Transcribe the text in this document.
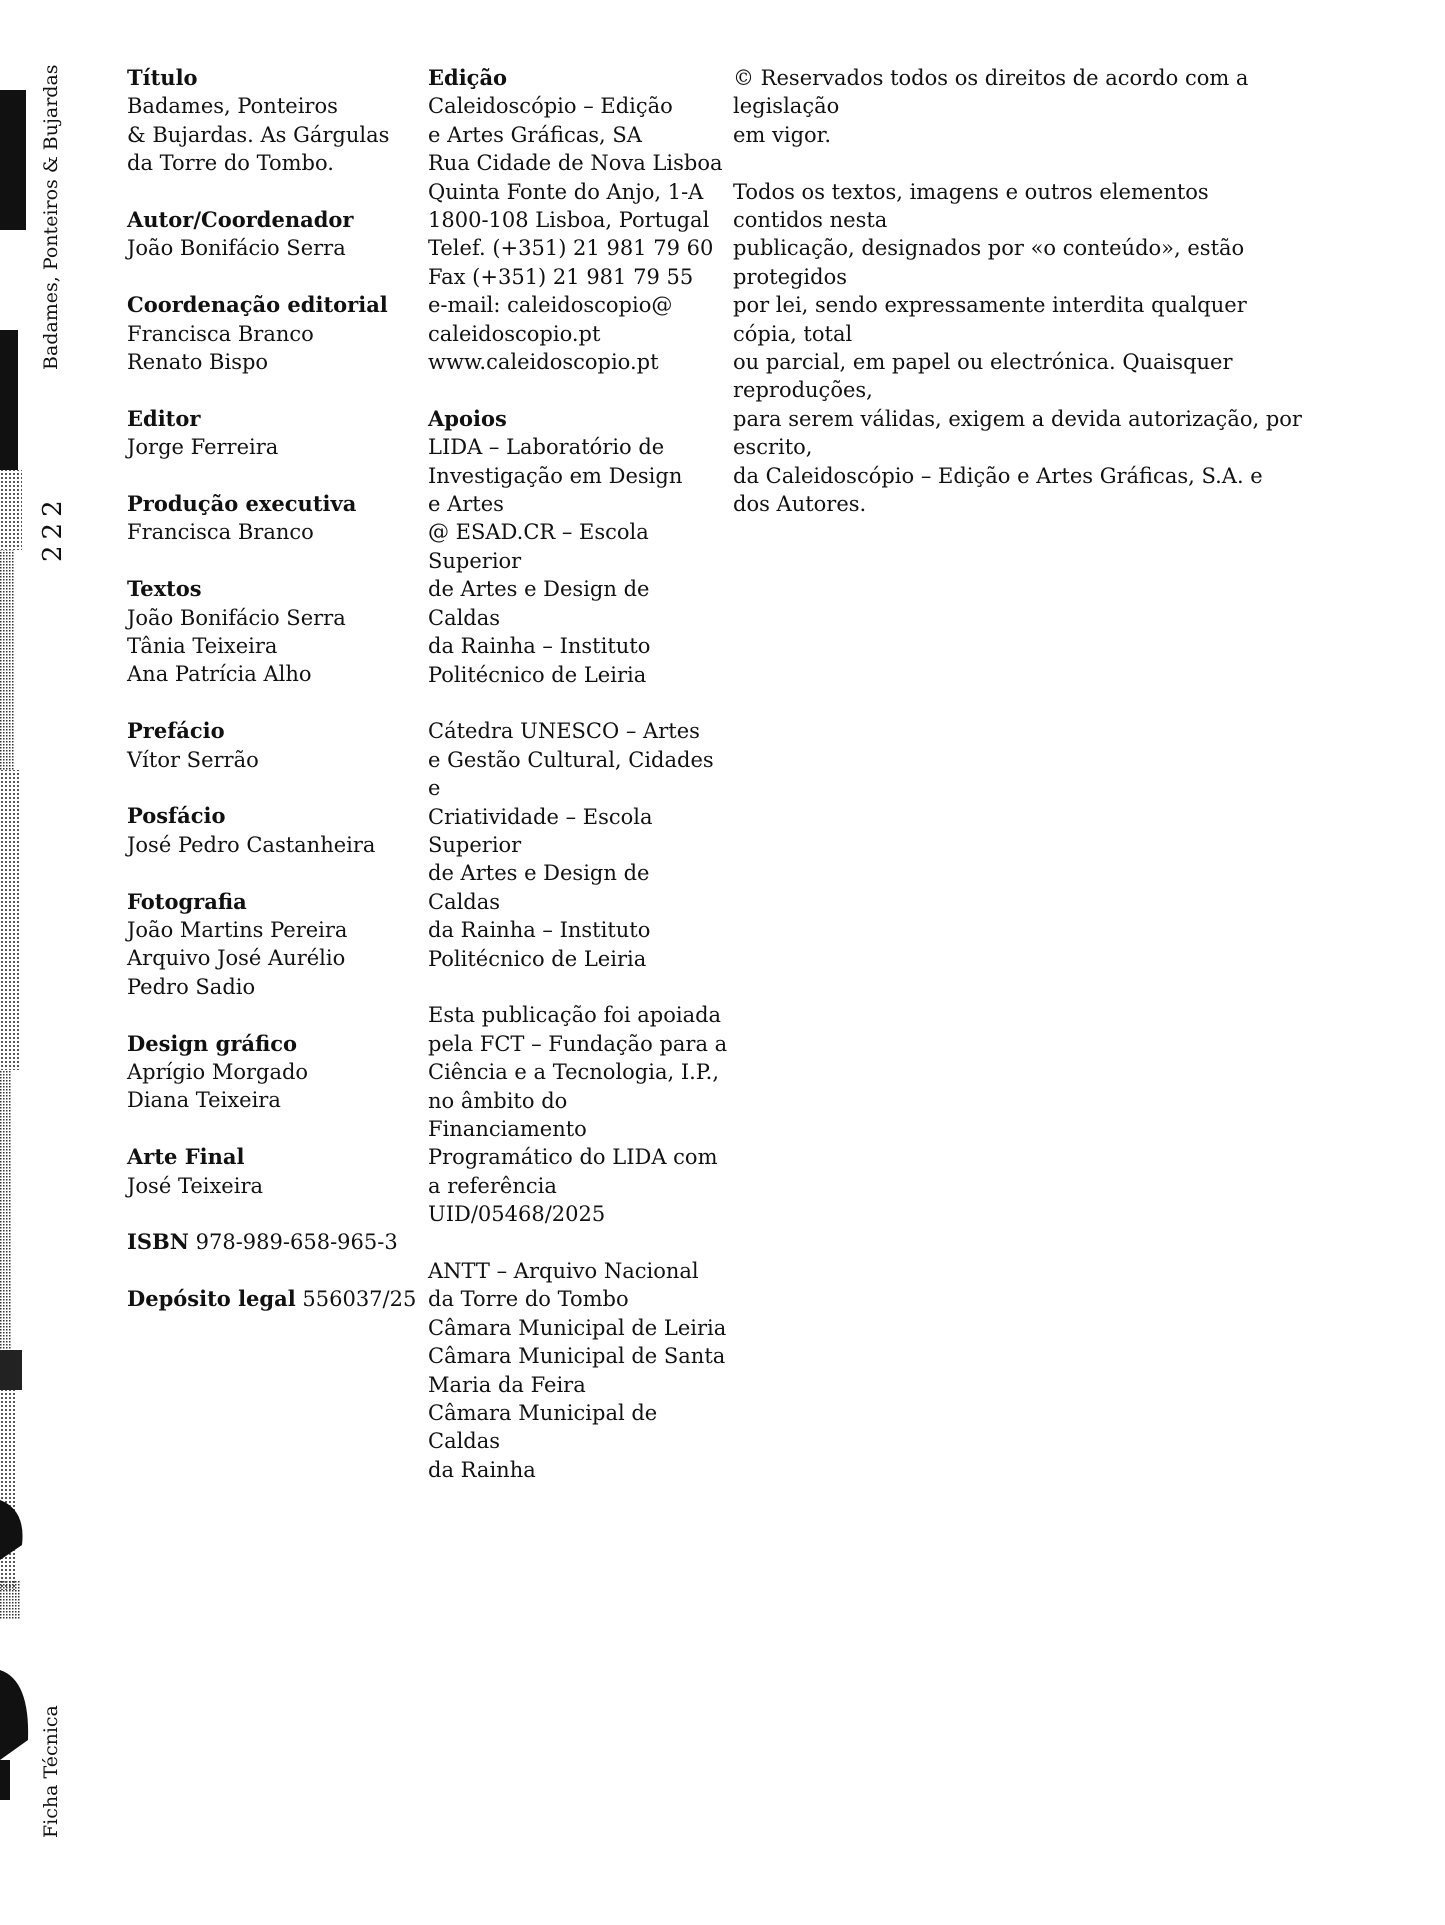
Badames, Ponteiros & Bujardas
222
Ficha Técnica
Título
Badames, Ponteiros
& Bujardas. As Gárgulas
da Torre do Tombo.
Autor/Coordenador
João Bonifácio Serra
Coordenação editorial
Francisca Branco
Renato Bispo
Editor
Jorge Ferreira
Produção executiva
Francisca Branco
Textos
João Bonifácio Serra
Tânia Teixeira
Ana Patrícia Alho
Prefácio
Vítor Serrão
Posfácio
José Pedro Castanheira
Fotografia
João Martins Pereira
Arquivo José Aurélio
Pedro Sadio
Design gráfico
Aprígio Morgado
Diana Teixeira
Arte Final
José Teixeira
ISBN 978-989-658-965-3
Depósito legal 556037/25
Edição
Caleidoscópio – Edição
e Artes Gráficas, SA
Rua Cidade de Nova Lisboa
Quinta Fonte do Anjo, 1-A
1800-108 Lisboa, Portugal
Telef. (+351) 21 981 79 60
Fax (+351) 21 981 79 55
e-mail: caleidoscopio@
caleidoscopio.pt
www.caleidoscopio.pt
Apoios
LIDA – Laboratório de
Investigação em Design
e Artes
@ ESAD.CR – Escola Superior
de Artes e Design de Caldas
da Rainha – Instituto
Politécnico de Leiria
Cátedra UNESCO – Artes
e Gestão Cultural, Cidades e
Criatividade – Escola Superior
de Artes e Design de Caldas
da Rainha – Instituto
Politécnico de Leiria
Esta publicação foi apoiada
pela FCT – Fundação para a
Ciência e a Tecnologia, I.P.,
no âmbito do Financiamento
Programático do LIDA com
a referência UID/05468/2025
ANTT – Arquivo Nacional
da Torre do Tombo
Câmara Municipal de Leiria
Câmara Municipal de Santa
Maria da Feira
Câmara Municipal de Caldas
da Rainha

© Reservados todos os direitos de acordo com a legislação
em vigor.

Todos os textos, imagens e outros elementos contidos nesta
publicação, designados por «o conteúdo», estão protegidos
por lei, sendo expressamente interdita qualquer cópia, total
ou parcial, em papel ou electrónica. Quaisquer reproduções,
para serem válidas, exigem a devida autorização, por escrito,
da Caleidoscópio – Edição e Artes Gráficas, S.A. e dos Autores.
